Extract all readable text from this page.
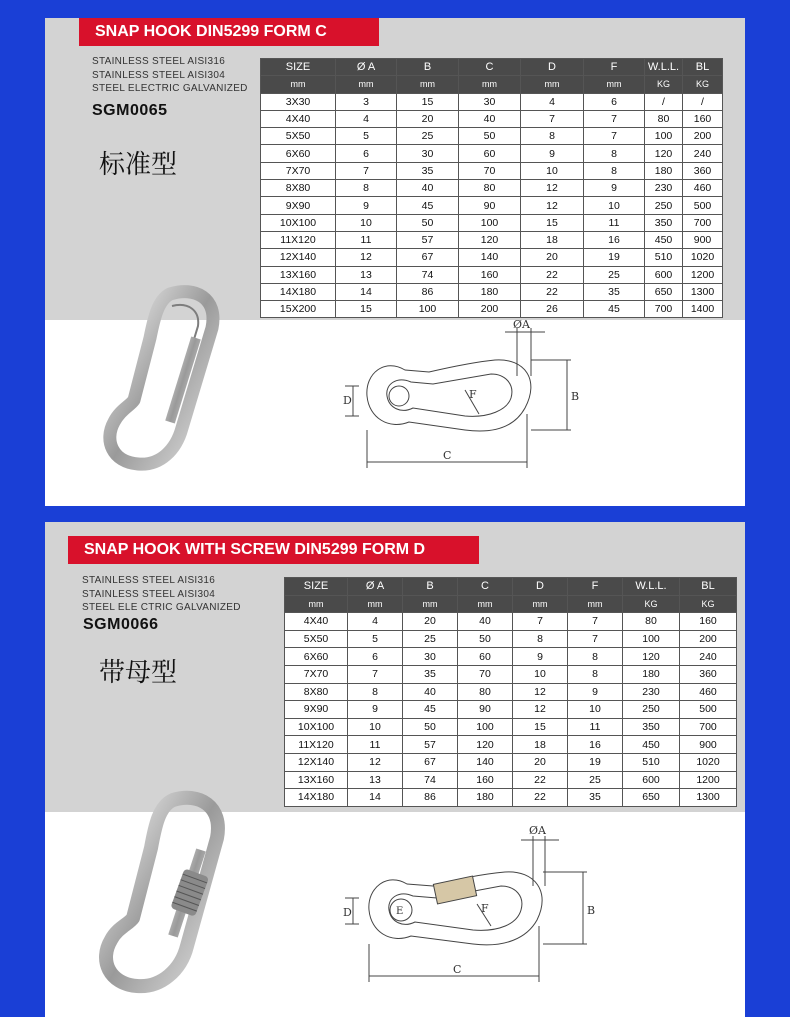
SNAP HOOK DIN5299 FORM C
STAINLESS STEEL AISI316
STAINLESS STEEL AISI304
STEEL ELECTRIC GALVANIZED
SGM0065
标准型
SIZE	Ø A	B	C	D	F	W.L.L.	BL
mm	mm	mm	mm	mm	mm	KG	KG
3X30	3	15	30	4	6	/	/
4X40	4	20	40	7	7	80	160
5X50	5	25	50	8	7	100	200
6X60	6	30	60	9	8	120	240
7X70	7	35	70	10	8	180	360
8X80	8	40	80	12	9	230	460
9X90	9	45	90	12	10	250	500
10X100	10	50	100	15	11	350	700
11X120	11	57	120	18	16	450	900
12X140	12	67	140	20	19	510	1020
13X160	13	74	160	22	25	600	1200
14X180	14	86	180	22	35	650	1300
15X200	15	100	200	26	45	700	1400
ØA
B
C
D	F
SNAP HOOK WITH SCREW DIN5299 FORM D
STAINLESS STEEL AISI316
STAINLESS STEEL AISI304
STEEL ELE CTRIC GALVANIZED
SGM0066
带母型
SIZE	Ø A	B	C	D	F	W.L.L.	BL
mm	mm	mm	mm	mm	mm	KG	KG
4X40	4	20	40	7	7	80	160
5X50	5	25	50	8	7	100	200
6X60	6	30	60	9	8	120	240
7X70	7	35	70	10	8	180	360
8X80	8	40	80	12	9	230	460
9X90	9	45	90	12	10	250	500
10X100	10	50	100	15	11	350	700
11X120	11	57	120	18	16	450	900
12X140	12	67	140	20	19	510	1020
13X160	13	74	160	22	25	600	1200
14X180	14	86	180	22	35	650	1300
ØA
B
C
D	E	F
